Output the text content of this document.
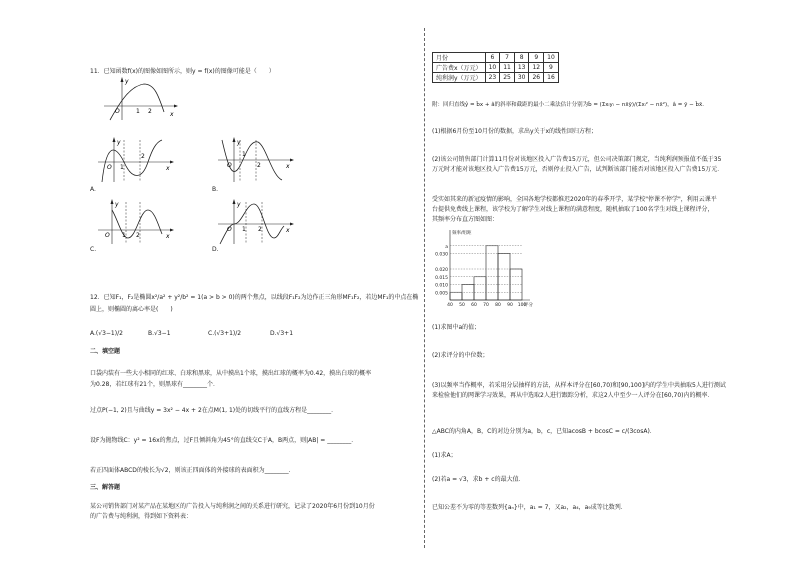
11．已知函数f(x)的图像如图所示，则y = f(x)的图像可能是（　　）
y
O	1 2	x
y
O 1
2
x
A.
y
O
1
2	x
B.
y
O 1 2	x
C.
y
O 1 2	x
D.
12．已知F₁，F₂是椭圆x²/a² + y²/b² = 1(a > b > 0)的两个焦点，以线段F₁F₂为边作正三角形MF₁F₂，若边MF₁的中点在椭
圆上，则椭圆的离心率是(　　)
A.(√3−1)/2	B.√3−1	C.(√3+1)/2	D.√3+1
二、填空题
口袋内装有一些大小相同的红球、白球和黑球，从中摸出1个球，摸出红球的概率为0.42，摸出白球的概率
为0.28，若红球有21个，则黑球有________个．
过点P(−1, 2)且与曲线y = 3x² − 4x + 2在点M(1, 1)处的切线平行的直线方程是________．
设F为抛物线C：y² = 16x的焦点，过F且倾斜角为45°的直线交C于A，B两点，则|AB| = ________．
若正四面体ABCD的棱长为√2，则该正四面体的外接球的表面积为________．
三、解答题
某公司销售部门对某产品在某地区的广告投入与纯利润之间的关系进行研究，记录了2020年6月份到10月份
的广告费与纯利润，得到如下资料表：
月份	6	7	8	9	10
广告费x（万元）	10	11	13	12	9
纯利润y（万元）	23	25	30	26	16
附：回归直线ŷ = b̂x + â的斜率和截距的最小二乘法估计分别为b̂ = (Σxᵢyᵢ − nx̄ȳ)/(Σxᵢ² − nx̄²)，â = ȳ − b̂x̄．
(1)根据6月份至10月份的数据，求出y关于x的线性回归方程；
(2)该公司销售部门计算11月份对该地区投入广告费15万元，但公司决策部门规定，当纯利润预报值不低于35
万元时才能对该地区投入广告费15万元，否则停止投入广告，试判断该部门能否对该地区投入广告费15万元．
受实如其来的新冠疫情的影响，全国各地学校都推迟2020年的春季开学，某学校"停课不停学"，利用云课平
台提供免费线上课程，该学校为了解学生对线上课程的满意程度，随机抽取了100名学生对线上课程评分，
其频率分布直方图如图：
a
0.030
0.020
0.015
0.010
0.005
40 50 60 70 80 90 100
频率/组距
评分
(1)求图中a的值；
(2)求评分的中位数；
(3)以频率当作概率，若采用分层抽样的方法，从样本评分在[60,70)和[90,100]内的学生中共抽取5人进行测试
来检验他们的网课学习效果，再从中选取2人进行跟踪分析，求这2人中至少一人评分在[60,70)内的概率．
△ABC的内角A，B，C的对边分别为a，b，c，已知acosB + bcosC = c/(3cosA)．
(1)求A；
(2)若a = √3，求b + c的最大值．
已知公差不为零的等差数列{aₙ}中，a₁ = 7，又a₂，a₄，a₉成等比数列．
